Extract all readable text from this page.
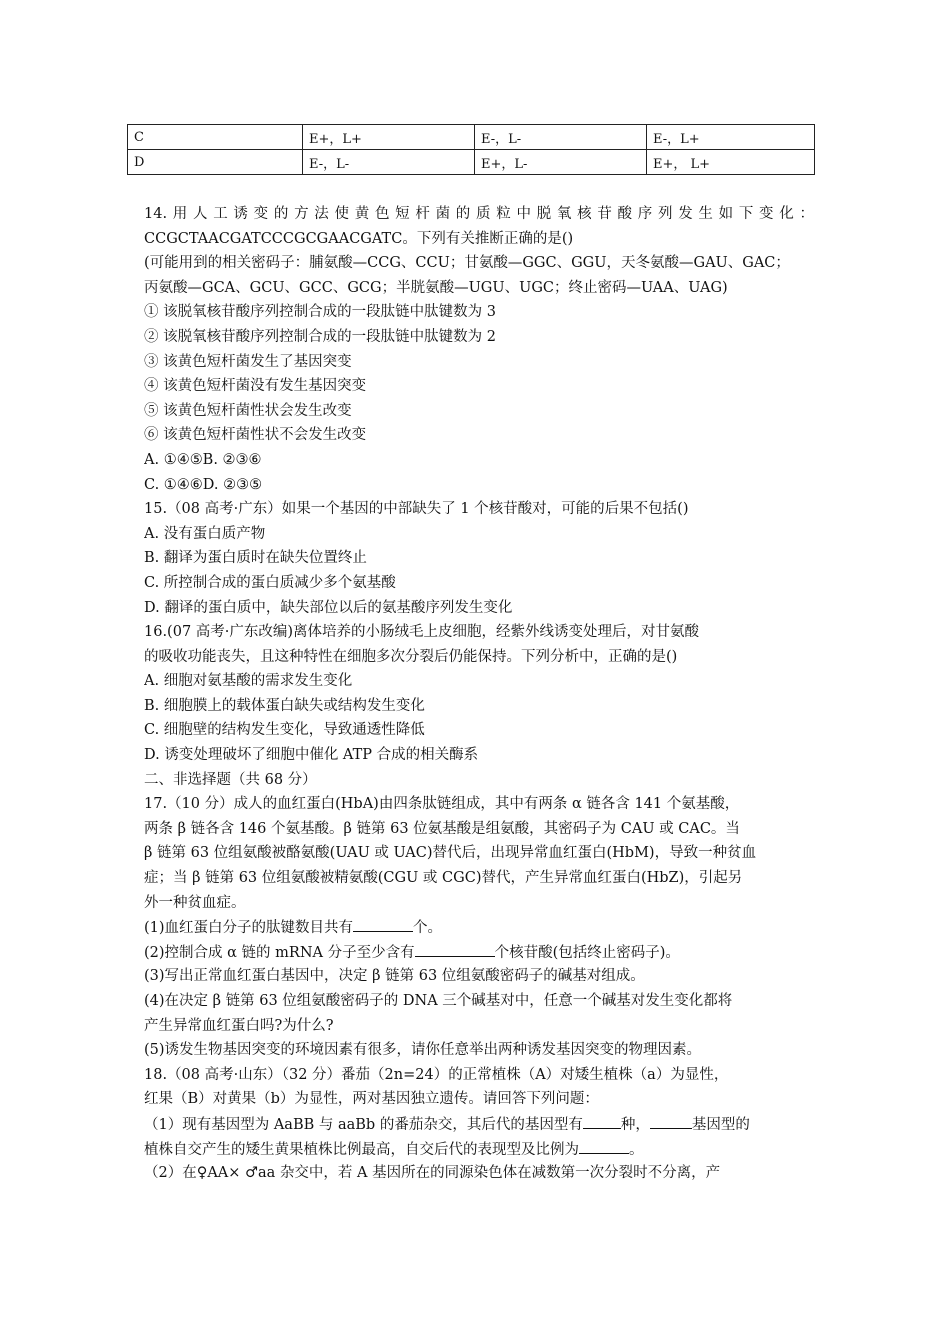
C	E+，L+	E-，L-	E-，L+
D	E-，L-	E+，L-	E+， L+
14.用人工诱变的方法使黄色短杆菌的质粒中脱氧核苷酸序列发生如下变化：
CCGCTAACGATCCCGCGAACGATC。下列有关推断正确的是()
(可能用到的相关密码子：脯氨酸—CCG、CCU；甘氨酸—GGC、GGU，天冬氨酸—GAU、GAC；
丙氨酸—GCA、GCU、GCC、GCG；半胱氨酸—UGU、UGC；终止密码—UAA、UAG)
① 该脱氧核苷酸序列控制合成的一段肽链中肽键数为 3
② 该脱氧核苷酸序列控制合成的一段肽链中肽键数为 2
③ 该黄色短杆菌发生了基因突变
④ 该黄色短杆菌没有发生基因突变
⑤ 该黄色短杆菌性状会发生改变
⑥ 该黄色短杆菌性状不会发生改变
A. ①④⑤B. ②③⑥
C. ①④⑥D. ②③⑤
15.（08 高考·广东）如果一个基因的中部缺失了 1 个核苷酸对，可能的后果不包括()
A. 没有蛋白质产物
B. 翻译为蛋白质时在缺失位置终止
C. 所控制合成的蛋白质减少多个氨基酸
D. 翻译的蛋白质中，缺失部位以后的氨基酸序列发生变化
16.(07 高考·广东改编)离体培养的小肠绒毛上皮细胞，经紫外线诱变处理后，对甘氨酸
的吸收功能丧失，且这种特性在细胞多次分裂后仍能保持。下列分析中，正确的是()
A. 细胞对氨基酸的需求发生变化
B. 细胞膜上的载体蛋白缺失或结构发生变化
C. 细胞壁的结构发生变化，导致通透性降低
D. 诱变处理破坏了细胞中催化 ATP 合成的相关酶系
二、非选择题（共 68 分）
17.（10 分）成人的血红蛋白(HbA)由四条肽链组成，其中有两条 α 链各含 141 个氨基酸，
两条 β 链各含 146 个氨基酸。β 链第 63 位氨基酸是组氨酸，其密码子为 CAU 或 CAC。当
β 链第 63 位组氨酸被酪氨酸(UAU 或 UAC)替代后，出现异常血红蛋白(HbM)，导致一种贫血
症；当 β 链第 63 位组氨酸被精氨酸(CGU 或 CGC)替代，产生异常血红蛋白(HbZ)，引起另
外一种贫血症。
(1)血红蛋白分子的肽键数目共有	个。
(2)控制合成 α 链的 mRNA 分子至少含有	个核苷酸(包括终止密码子)。
(3)写出正常血红蛋白基因中，决定 β 链第 63 位组氨酸密码子的碱基对组成。
(4)在决定 β 链第 63 位组氨酸密码子的 DNA 三个碱基对中，任意一个碱基对发生变化都将
产生异常血红蛋白吗?为什么?
(5)诱发生物基因突变的环境因素有很多，请你任意举出两种诱发基因突变的物理因素。
18.（08 高考·山东）（32 分）番茄（2n=24）的正常植株（A）对矮生植株（a）为显性，
红果（B）对黄果（b）为显性，两对基因独立遗传。请回答下列问题：
（1）现有基因型为 AaBB 与 aaBb 的番茄杂交，其后代的基因型有	种，	基因型的
植株自交产生的矮生黄果植株比例最高，自交后代的表现型及比例为	。
（2）在♀AA× ♂aa 杂交中，若 A 基因所在的同源染色体在减数第一次分裂时不分离，产
